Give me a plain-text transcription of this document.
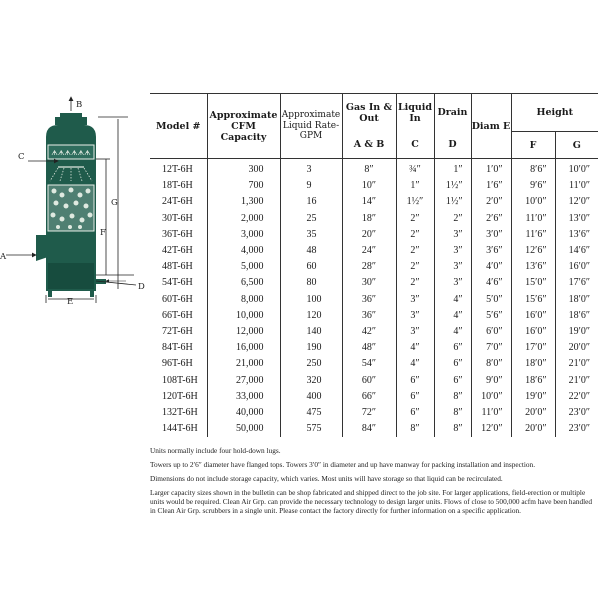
ᗗᗗᗗᗗᗗᗗ
B
C
A
G
F
D
E
Model #	Approximate CFM Capacity	Approximate Liquid Rate-GPM	Gas In & Out	Liquid In	Drain	Diam E	Height	
			A & B	C	D		F	G
12T-6H	300	3	8″	¾″	1″	1′0″	8′6″	10′0″
18T-6H	700	9	10″	1″	1½″	1′6″	9′6″	11′0″
24T-6H	1,300	16	14″	1½″	1½″	2′0″	10′0″	12′0″
30T-6H	2,000	25	18″	2″	2″	2′6″	11′0″	13′0″
36T-6H	3,000	35	20″	2″	3″	3′0″	11′6″	13′6″
42T-6H	4,000	48	24″	2″	3″	3′6″	12′6″	14′6″
48T-6H	5,000	60	28″	2″	3″	4′0″	13′6″	16′0″
54T-6H	6,500	80	30″	2″	3″	4′6″	15′0″	17′6″
60T-6H	8,000	100	36″	3″	4″	5′0″	15′6″	18′0″
66T-6H	10,000	120	36″	3″	4″	5′6″	16′0″	18′6″
72T-6H	12,000	140	42″	3″	4″	6′0″	16′0″	19′0″
84T-6H	16,000	190	48″	4″	6″	7′0″	17′0″	20′0″
96T-6H	21,000	250	54″	4″	6″	8′0″	18′0″	21′0″
108T-6H	27,000	320	60″	6″	6″	9′0″	18′6″	21′0″
120T-6H	33,000	400	66″	6″	8″	10′0″	19′0″	22′0″
132T-6H	40,000	475	72″	6″	8″	11′0″	20′0″	23′0″
144T-6H	50,000	575	84″	8″	8″	12′0″	20′0″	23′0″

Units normally include four hold-down lugs.

Towers up to 2′6″ diameter have flanged tops. Towers 3′0″ in diameter and up have manway for packing installation and inspection.

Dimensions do not include storage capacity, which varies. Most units will have storage so that liquid can be recirculated.

Larger capacity sizes shown in the bulletin can be shop fabricated and shipped direct to the job site. For larger applications, field-erection or multiple units would be required. Clean Air Grp. can provide the necessary technology to design larger units. Flows of close to 500,000 acfm have been handled in Clean Air Grp. scrubbers in a single unit. Please contact the factory directly for further information on a specific application.
